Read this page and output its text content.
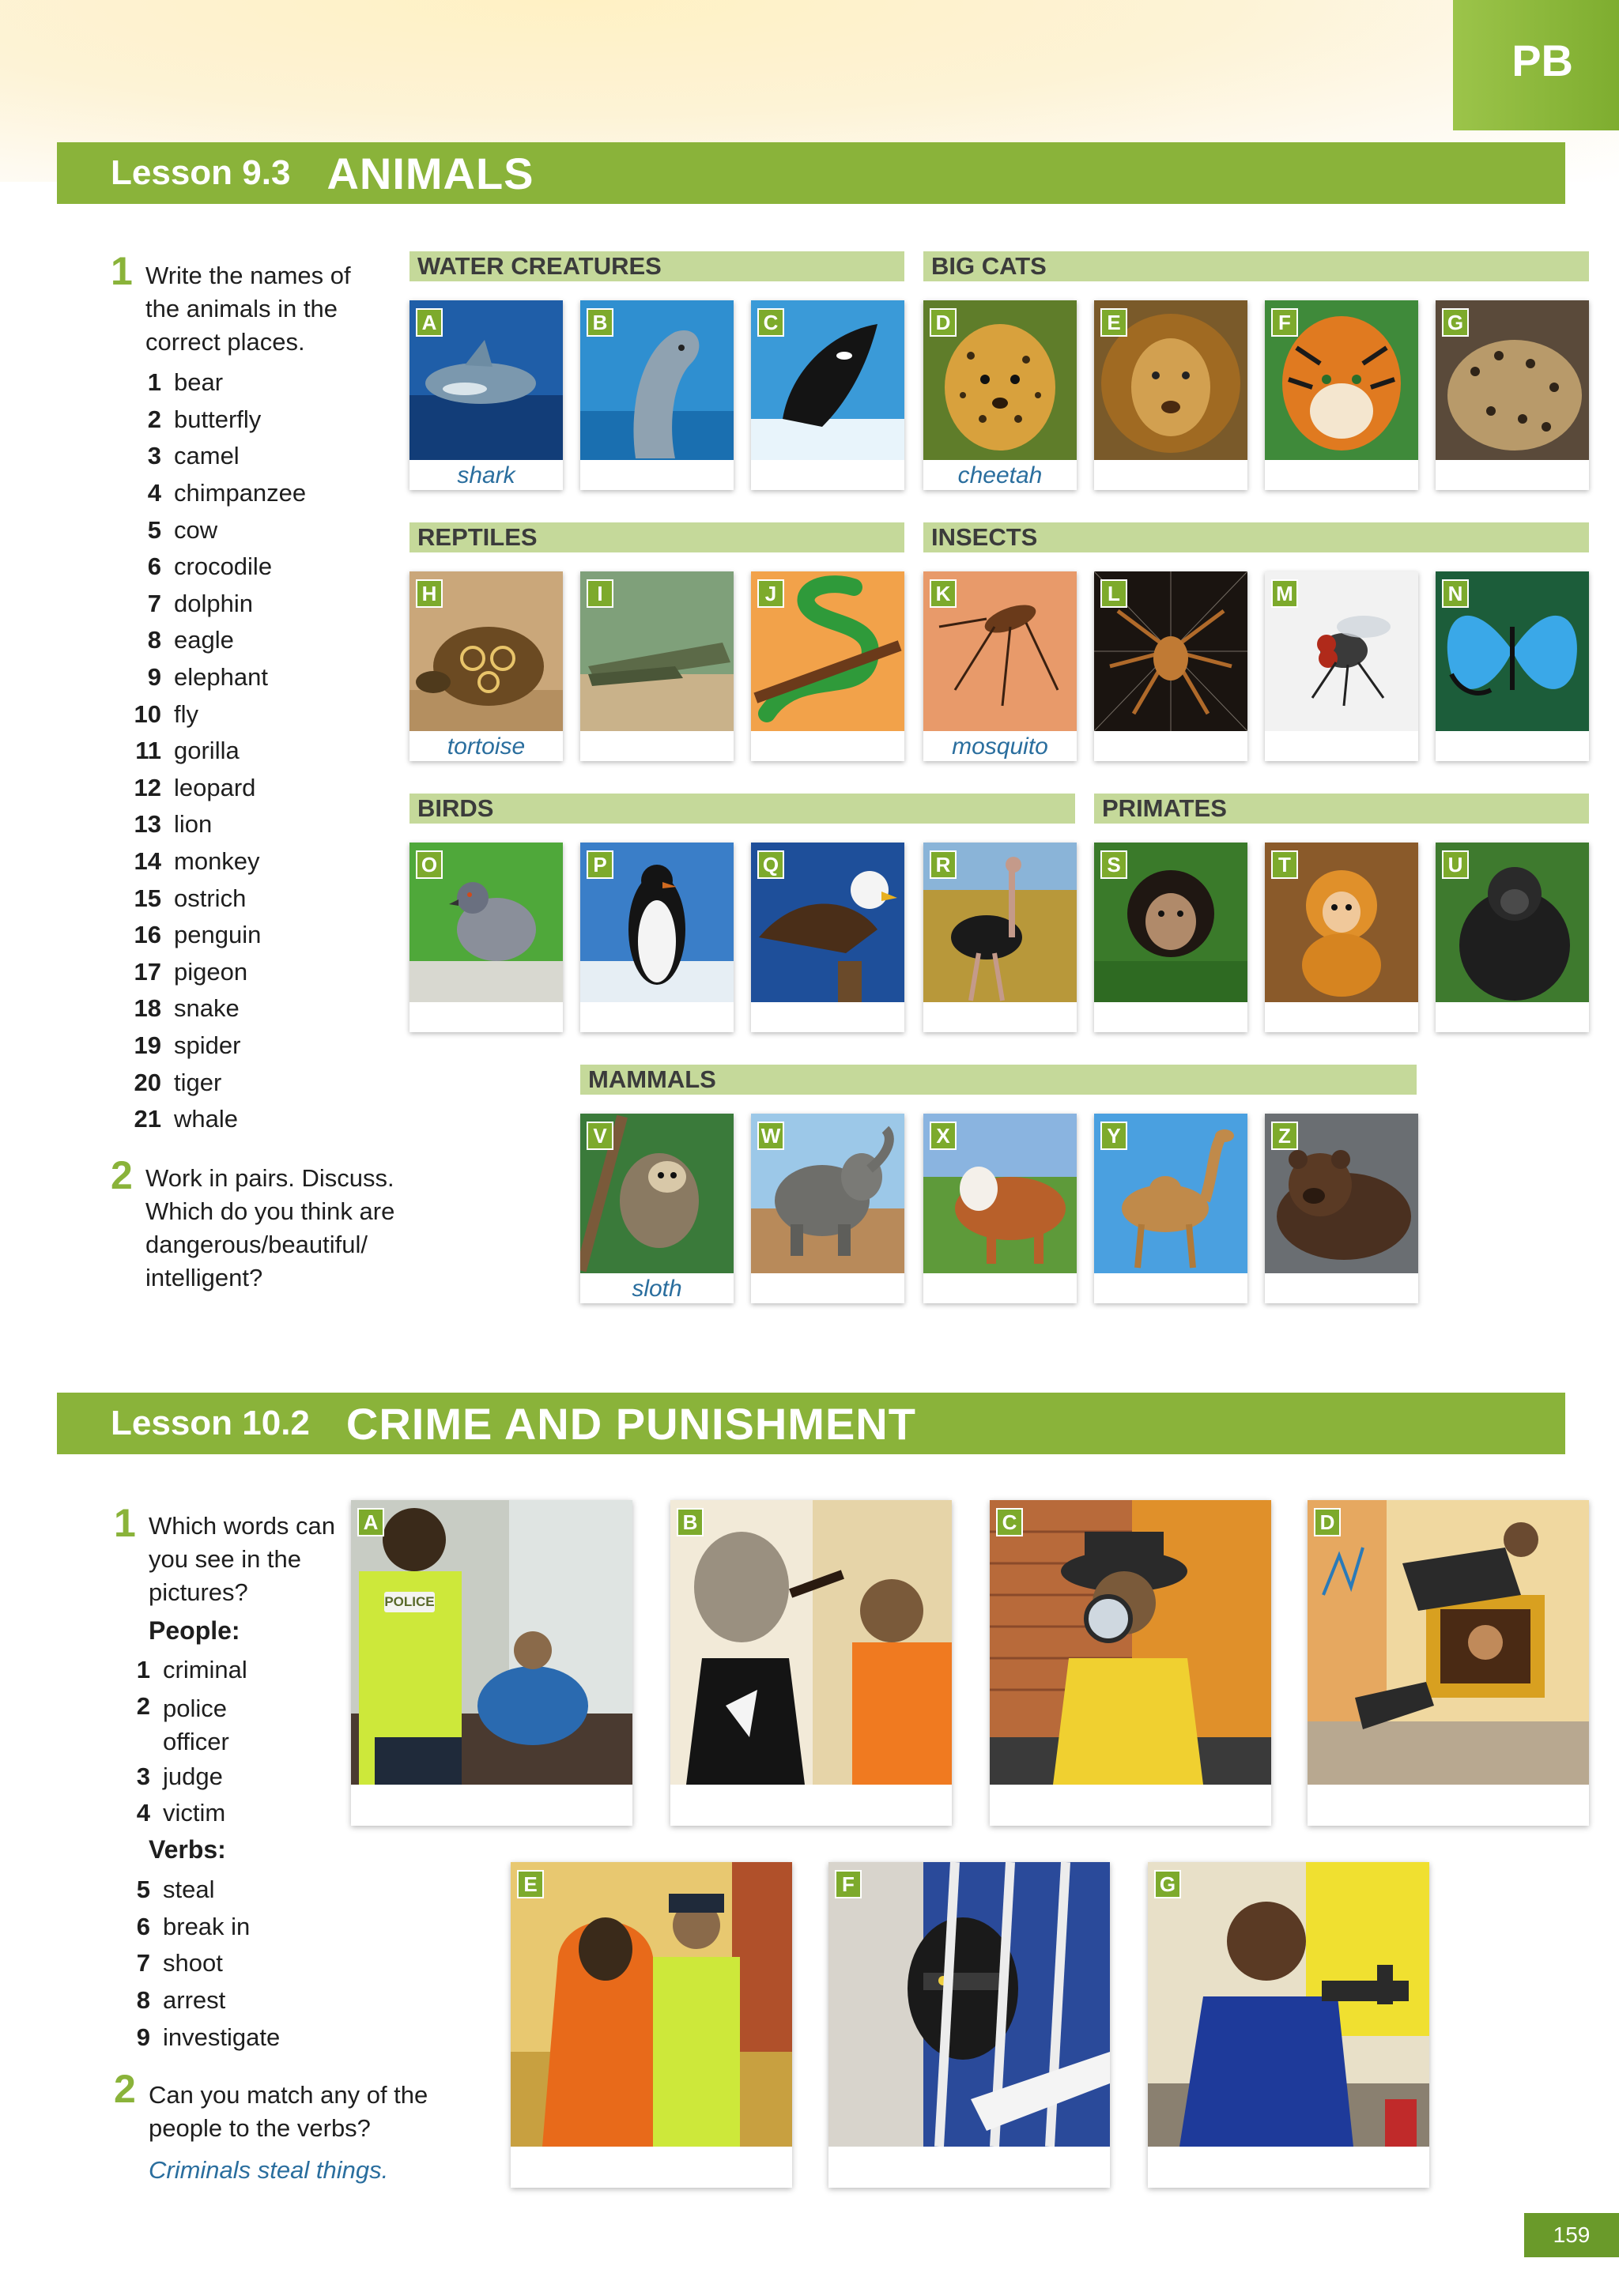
PB
Lesson 9.3 ANIMALS
1 Write the names of the animals in the correct places.
1 bear
2 butterfly
3 camel
4 chimpanzee
5 cow
6 crocodile
7 dolphin
8 eagle
9 elephant
10 fly
11 gorilla
12 leopard
13 lion
14 monkey
15 ostrich
16 penguin
17 pigeon
18 snake
19 spider
20 tiger
21 whale
2 Work in pairs. Discuss. Which do you think are dangerous/beautiful/ intelligent?
WATER CREATURES	BIG CATS
REPTILES	INSECTS
BIRDS	PRIMATES
MAMMALS
A
shark
B	C	D
cheetah
E	F	G
H
tortoise
I	J	K
mosquito
L	M	N
O	P	Q	R	S	T	U
V
sloth
W	X	Y	Z
Lesson 10.2 CRIME AND PUNISHMENT
1 Which words can you see in the pictures?
People:
1 criminal
2 police officer
3 judge
4 victim
Verbs:
5 steal
6 break in
7 shoot
8 arrest
9 investigate
2 Can you match any of the people to the verbs?
Criminals steal things.
A
POLICE
B	C	D
E	F	G
159
